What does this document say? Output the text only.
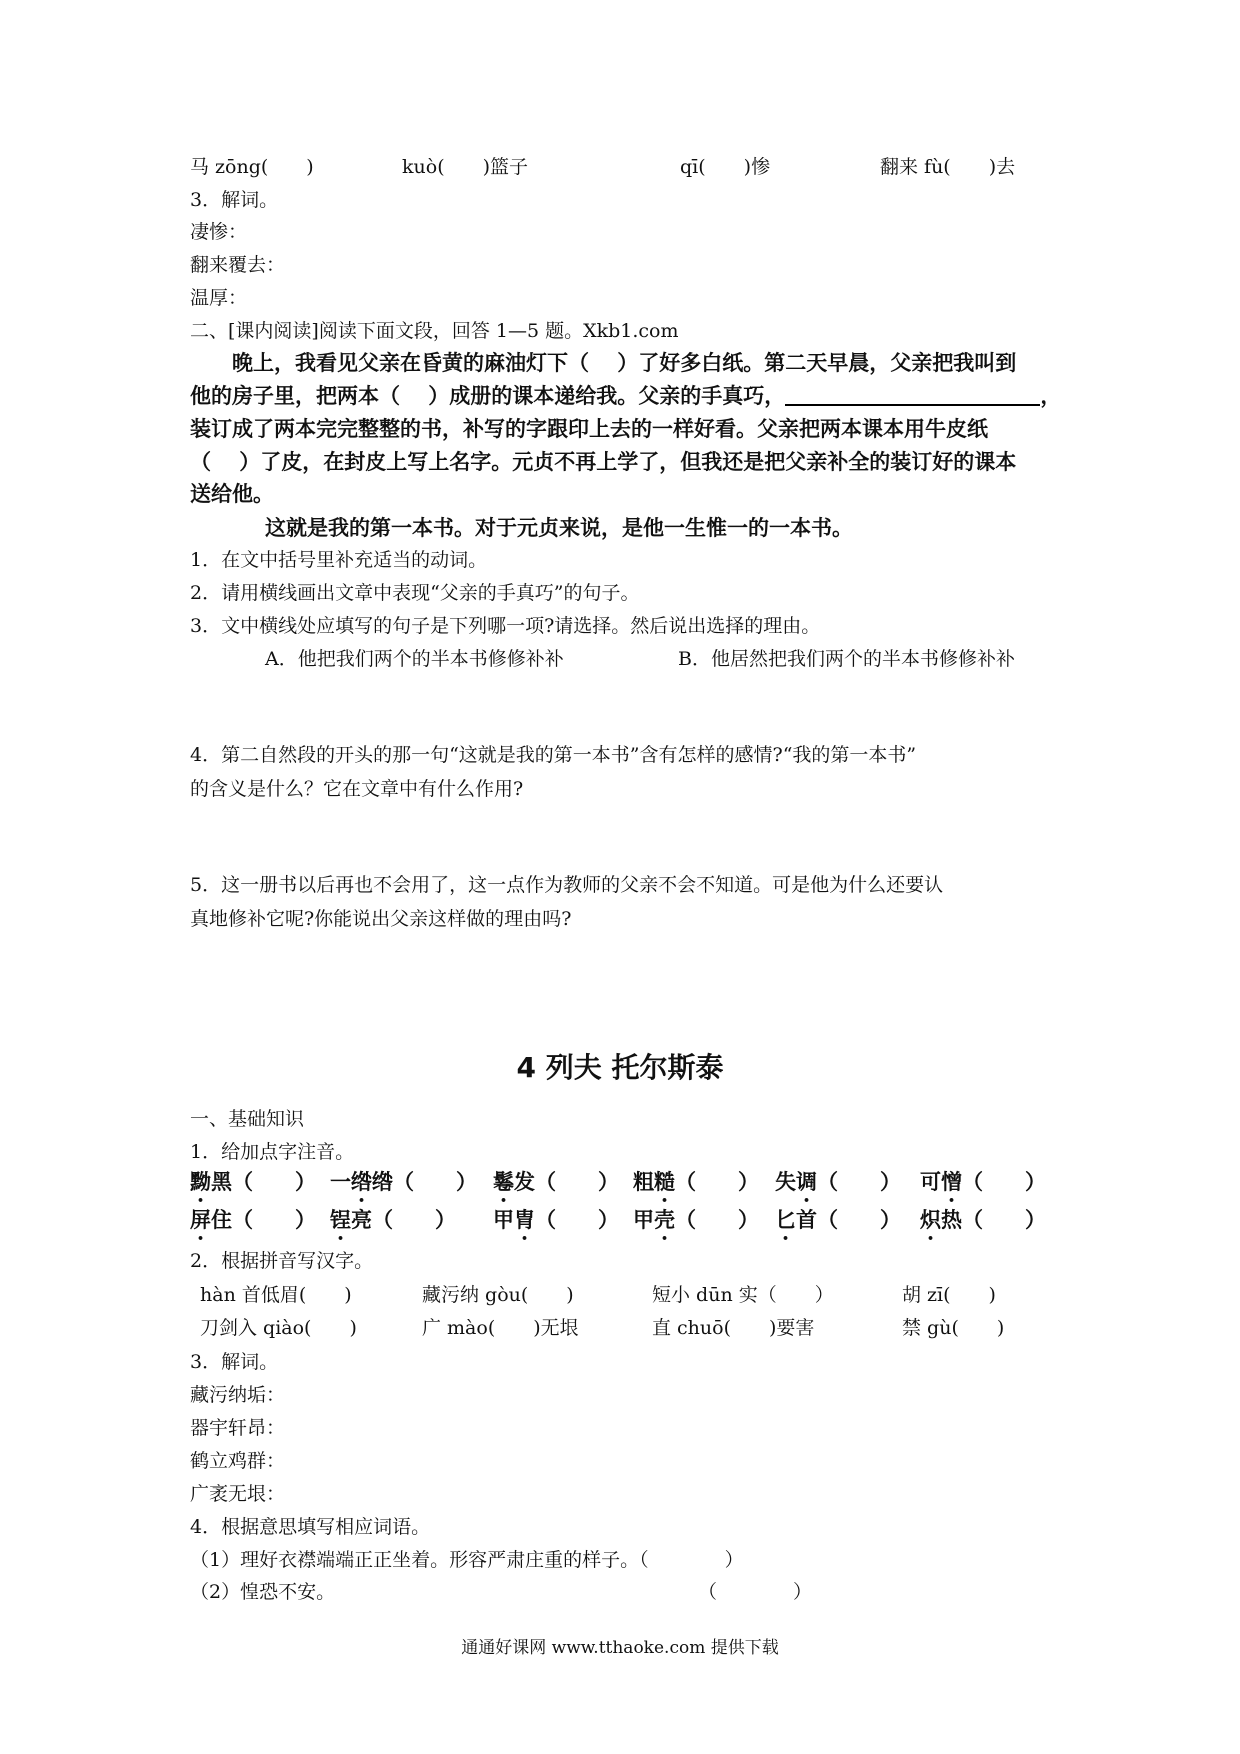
马 zōng(　　)	kuò(　　)篮子	qī(　　)惨	翻来 fù(　　)去
3．解词。
凄惨：
翻来覆去：
温厚：
二、[课内阅读]阅读下面文段，回答 1—5 题。Xkb1.com
晚上，我看见父亲在昏黄的麻油灯下（　 ）了好多白纸。第二天早晨，父亲把我叫到
他的房子里，把两本（　 ）成册的课本递给我。父亲的手真巧，	，
装订成了两本完完整整的书，补写的字跟印上去的一样好看。父亲把两本课本用牛皮纸
（　 ）了皮，在封皮上写上名字。元贞不再上学了，但我还是把父亲补全的装订好的课本
送给他。
这就是我的第一本书。对于元贞来说，是他一生惟一的一本书。
1．在文中括号里补充适当的动词。
2．请用横线画出文章中表现“父亲的手真巧”的句子。
3．文中横线处应填写的句子是下列哪一项?请选择。然后说出选择的理由。
A．他把我们两个的半本书修修补补	B．他居然把我们两个的半本书修修补补
4．第二自然段的开头的那一句“这就是我的第一本书”含有怎样的感情?“我的第一本书”
的含义是什么？它在文章中有什么作用?
5．这一册书以后再也不会用了，这一点作为教师的父亲不会不知道。可是他为什么还要认
真地修补它呢?你能说出父亲这样做的理由吗?
4 列夫 托尔斯泰
一、基础知识
1．给加点字注音。
黝黑（　　） 一绺绺（　　） 鬈发（　　） 粗糙（　　） 失调（　　） 可憎（　　）
屏住（　　） 锃亮（　　） 甲胄（　　） 甲壳（　　） 匕首（　　） 炽热（　　）
2．根据拼音写汉字。
hàn 首低眉(　　)	藏污纳 gòu(　　)	短小 dūn 实（　　）	胡 zī(　　)
刀剑入 qiào(　　)	广 mào(　　)无垠	直 chuō(　　)要害	禁 gù(　　)
3．解词。
藏污纳垢：
器宇轩昂：
鹤立鸡群：
广袤无垠：
4．根据意思填写相应词语。
（1）理好衣襟端端正正坐着。形容严肃庄重的样子。（　　　　）
（2）惶恐不安。	（　　　　）
通通好课网 www.tthaoke.com 提供下载
